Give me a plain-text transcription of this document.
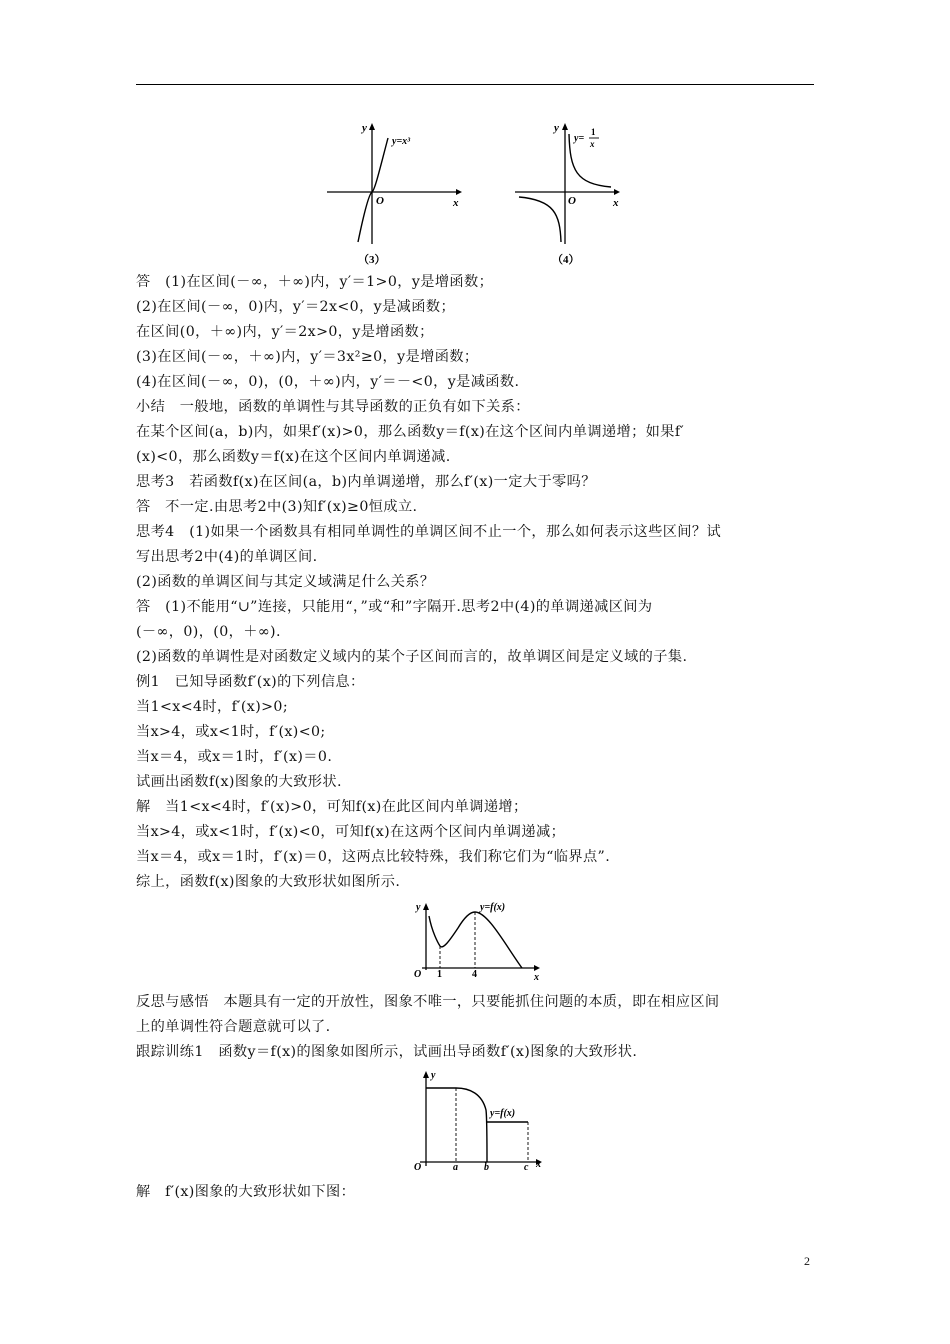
y
x
O
y=x³
（3）
y
x
O
y=
1
x
（4）
答　(1)在区间(－∞，＋∞)内，y′＝1>0，y是增函数；
(2)在区间(－∞，0)内，y′＝2x<0，y是减函数；
在区间(0，＋∞)内，y′＝2x>0，y是增函数；
(3)在区间(－∞，＋∞)内，y′＝3x²≥0，y是增函数；
(4)在区间(－∞，0)，(0，＋∞)内，y′＝－<0，y是减函数.
小结　一般地，函数的单调性与其导函数的正负有如下关系：
在某个区间(a，b)内，如果f′(x)>0，那么函数y＝f(x)在这个区间内单调递增；如果f′
(x)<0，那么函数y＝f(x)在这个区间内单调递减.
思考3　若函数f(x)在区间(a，b)内单调递增，那么f′(x)一定大于零吗？
答　不一定.由思考2中(3)知f′(x)≥0恒成立.
思考4　(1)如果一个函数具有相同单调性的单调区间不止一个，那么如何表示这些区间？试
写出思考2中(4)的单调区间.
(2)函数的单调区间与其定义域满足什么关系？
答　(1)不能用“∪”连接，只能用“，”或“和”字隔开.思考2中(4)的单调递减区间为
(－∞，0)，(0，＋∞).
(2)函数的单调性是对函数定义域内的某个子区间而言的，故单调区间是定义域的子集.
例1　已知导函数f′(x)的下列信息：
当1<x<4时，f′(x)>0;
当x>4，或x<1时，f′(x)<0;
当x＝4，或x＝1时，f′(x)＝0.
试画出函数f(x)图象的大致形状.
解　当1<x<4时，f′(x)>0，可知f(x)在此区间内单调递增；
当x>4，或x<1时，f′(x)<0，可知f(x)在这两个区间内单调递减；
当x＝4，或x＝1时，f′(x)＝0，这两点比较特殊，我们称它们为“临界点”.
综上，函数f(x)图象的大致形状如图所示.
y
x
O 1	4
y=f(x)
反思与感悟　本题具有一定的开放性，图象不唯一，只要能抓住问题的本质，即在相应区间
上的单调性符合题意就可以了.
跟踪训练1　函数y＝f(x)的图象如图所示，试画出导函数f′(x)图象的大致形状.
y
x
O	a	b	c
y=f(x)
解　f′(x)图象的大致形状如下图：
2
